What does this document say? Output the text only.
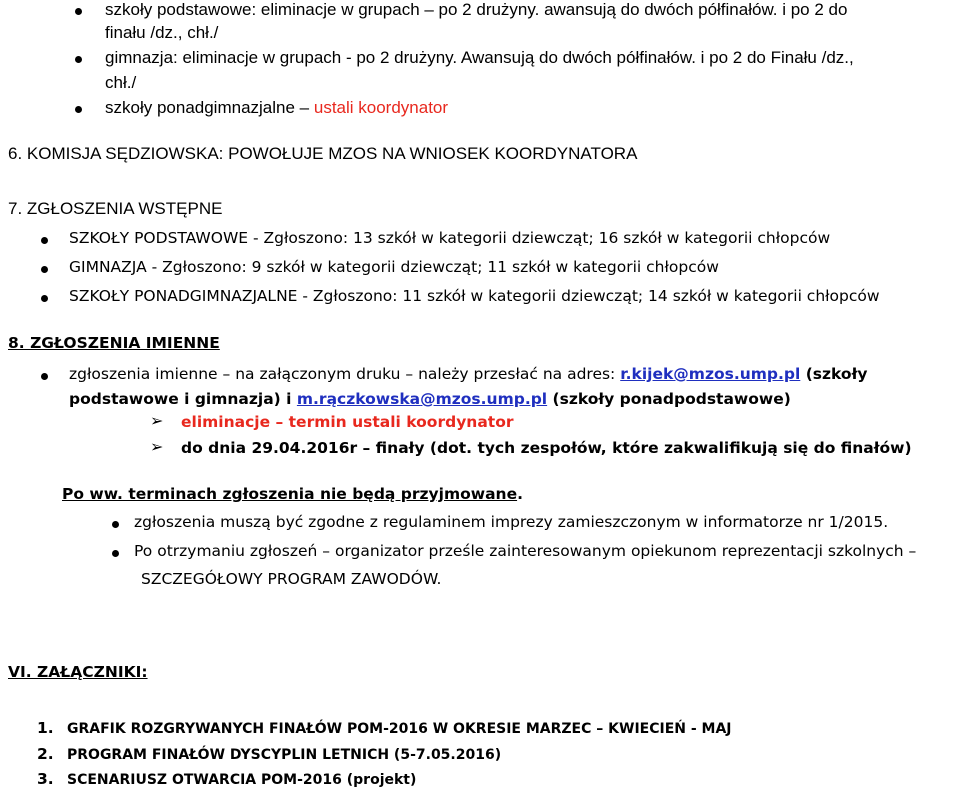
szkoły podstawowe: eliminacje w grupach – po 2 drużyny. awansują do dwóch półfinałów. i po 2 do
finału /dz., chł./
gimnazja: eliminacje w grupach - po 2 drużyny. Awansują do dwóch półfinałów. i po 2 do Finału /dz.,
chł./
szkoły ponadgimnazjalne – ustali koordynator
6. KOMISJA SĘDZIOWSKA: POWOŁUJE MZOS NA WNIOSEK KOORDYNATORA
7. ZGŁOSZENIA WSTĘPNE
SZKOŁY PODSTAWOWE - Zgłoszono: 13 szkół w kategorii dziewcząt; 16 szkół w kategorii chłopców
GIMNAZJA - Zgłoszono: 9 szkół w kategorii dziewcząt; 11 szkół w kategorii chłopców
SZKOŁY PONADGIMNAZJALNE - Zgłoszono: 11 szkół w kategorii dziewcząt; 14 szkół w kategorii chłopców
8. ZGŁOSZENIA IMIENNE
zgłoszenia imienne – na załączonym druku – należy przesłać na adres: r.kijek@mzos.ump.pl (szkoły
podstawowe i gimnazja) i m.rączkowska@mzos.ump.pl (szkoły ponadpodstawowe)
➢ eliminacje – termin ustali koordynator
➢ do dnia 29.04.2016r – finały (dot. tych zespołów, które zakwalifikują się do finałów)
Po ww. terminach zgłoszenia nie będą przyjmowane.
zgłoszenia muszą być zgodne z regulaminem imprezy zamieszczonym w informatorze nr 1/2015.
Po otrzymaniu zgłoszeń – organizator prześle zainteresowanym opiekunom reprezentacji szkolnych –
SZCZEGÓŁOWY PROGRAM ZAWODÓW.
VI. ZAŁĄCZNIKI:
1. GRAFIK ROZGRYWANYCH FINAŁÓW POM-2016 W OKRESIE MARZEC – KWIECIEŃ - MAJ
2. PROGRAM FINAŁÓW DYSCYPLIN LETNICH (5-7.05.2016)
3. SCENARIUSZ OTWARCIA POM-2016 (projekt)
